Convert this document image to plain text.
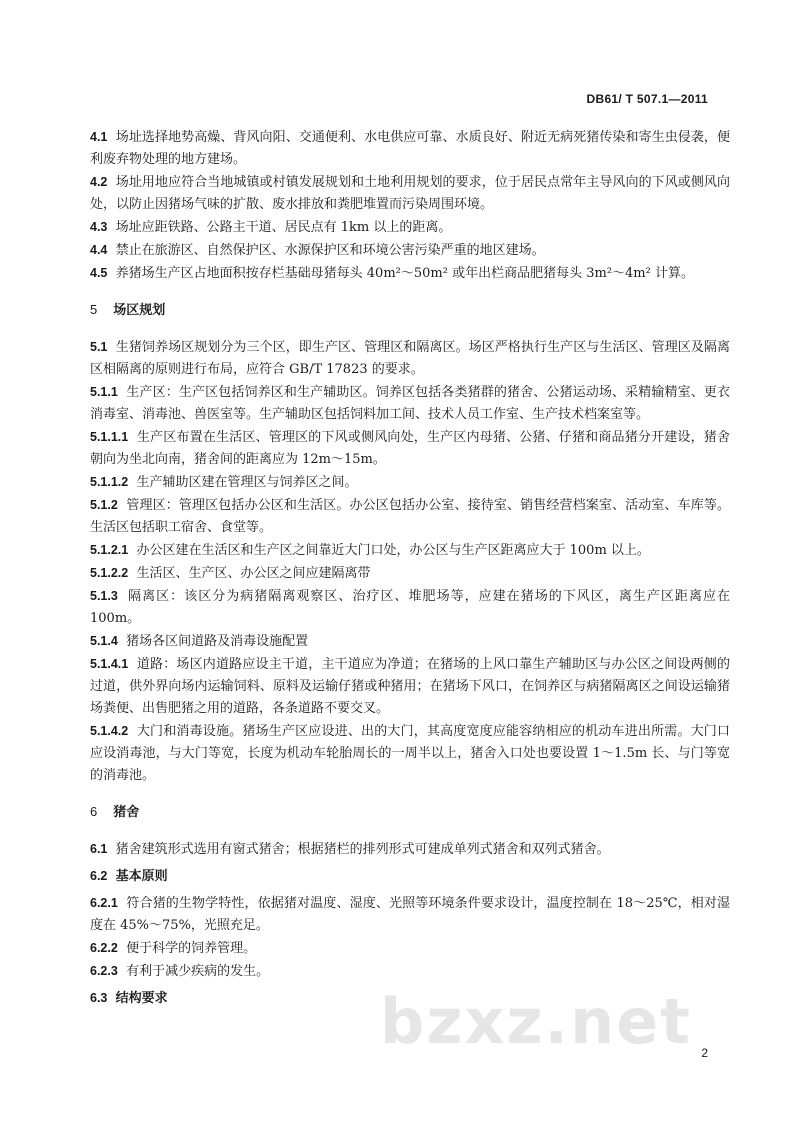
DB61/ T 507.1—2011

4.1 场址选择地势高燥、背风向阳、交通便利、水电供应可靠、水质良好、附近无病死猪传染和寄生虫侵袭，便利废弃物处理的地方建场。

4.2 场址用地应符合当地城镇或村镇发展规划和土地利用规划的要求，位于居民点常年主导风向的下风或侧风向处，以防止因猪场气味的扩散、废水排放和粪肥堆置而污染周围环境。

4.3 场址应距铁路、公路主干道、居民点有 1km 以上的距离。

4.4 禁止在旅游区、自然保护区、水源保护区和环境公害污染严重的地区建场。

4.5 养猪场生产区占地面积按存栏基础母猪每头 40m²～50m² 或年出栏商品肥猪每头 3m²～4m² 计算。

5 场区规划

5.1 生猪饲养场区规划分为三个区，即生产区、管理区和隔离区。场区严格执行生产区与生活区、管理区及隔离区相隔离的原则进行布局，应符合 GB/T 17823 的要求。

5.1.1 生产区：生产区包括饲养区和生产辅助区。饲养区包括各类猪群的猪舍、公猪运动场、采精输精室、更衣消毒室、消毒池、兽医室等。生产辅助区包括饲料加工间、技术人员工作室、生产技术档案室等。

5.1.1.1 生产区布置在生活区、管理区的下风或侧风向处，生产区内母猪、公猪、仔猪和商品猪分开建设，猪舍朝向为坐北向南，猪舍间的距离应为 12m～15m。

5.1.1.2 生产辅助区建在管理区与饲养区之间。

5.1.2 管理区：管理区包括办公区和生活区。办公区包括办公室、接待室、销售经营档案室、活动室、车库等。生活区包括职工宿舍、食堂等。

5.1.2.1 办公区建在生活区和生产区之间靠近大门口处，办公区与生产区距离应大于 100m 以上。

5.1.2.2 生活区、生产区、办公区之间应建隔离带

5.1.3 隔离区：该区分为病猪隔离观察区、治疗区、堆肥场等，应建在猪场的下风区，离生产区距离应在 100m。

5.1.4 猪场各区间道路及消毒设施配置

5.1.4.1 道路：场区内道路应设主干道，主干道应为净道；在猪场的上风口靠生产辅助区与办公区之间设两侧的过道，供外界向场内运输饲料、原料及运输仔猪或种猪用；在猪场下风口，在饲养区与病猪隔离区之间设运输猪场粪便、出售肥猪之用的道路，各条道路不要交叉。

5.1.4.2 大门和消毒设施。猪场生产区应设进、出的大门，其高度宽度应能容纳相应的机动车进出所需。大门口应设消毒池，与大门等宽，长度为机动车轮胎周长的一周半以上，猪舍入口处也要设置 1～1.5m 长、与门等宽的消毒池。

6 猪舍

6.1 猪舍建筑形式选用有窗式猪舍；根据猪栏的排列形式可建成单列式猪舍和双列式猪舍。

6.2 基本原则

6.2.1 符合猪的生物学特性，依据猪对温度、湿度、光照等环境条件要求设计，温度控制在 18～25℃，相对湿度在 45%～75%，光照充足。

6.2.2 便于科学的饲养管理。

6.2.3 有利于减少疾病的发生。

6.3 结构要求	bzxz.net 2
